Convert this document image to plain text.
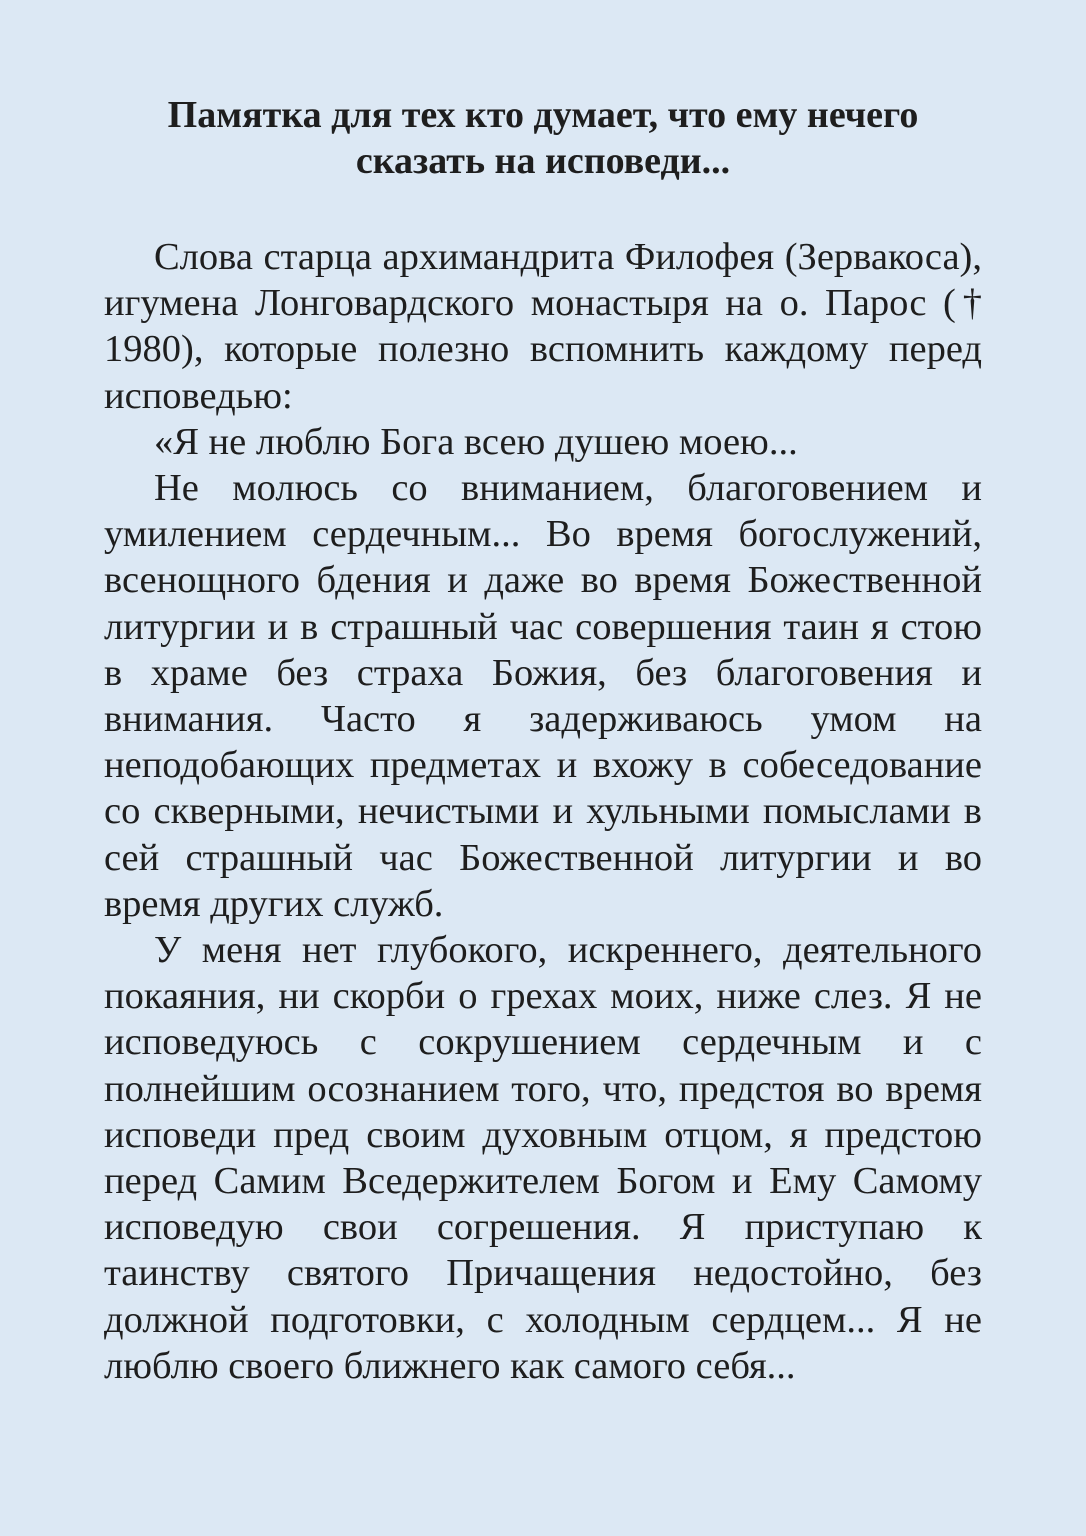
Памятка для тех кто думает, что ему нечего
сказать на исповеди...

Слова старца архимандрита Филофея (Зервакоса), игумена Лонговардского монастыря на о. Парос († 1980), которые полезно вспомнить каждому перед исповедью:

«Я не люблю Бога всею душею моею...

Не молюсь со вниманием, благоговением и умилением сердечным... Во время богослужений, всенощного бдения и даже во время Божественной литургии и в страшный час совершения таин я стою в храме без страха Божия, без благоговения и внимания. Часто я задерживаюсь умом на неподобающих предметах и вхожу в собеседование со скверными, нечистыми и хульными помыслами в сей страшный час Божественной литургии и во время других служб.

У меня нет глубокого, искреннего, деятельного покаяния, ни скорби о грехах моих, ниже слез. Я не исповедуюсь с сокрушением сердечным и с полнейшим осознанием того, что, предстоя во время исповеди пред своим духовным отцом, я предстою перед Самим Вседержителем Богом и Ему Самому исповедую свои согрешения. Я приступаю к таинству святого Причащения недостойно, без должной подготовки, с холодным сердцем... Я не люблю своего ближнего как самого себя...
